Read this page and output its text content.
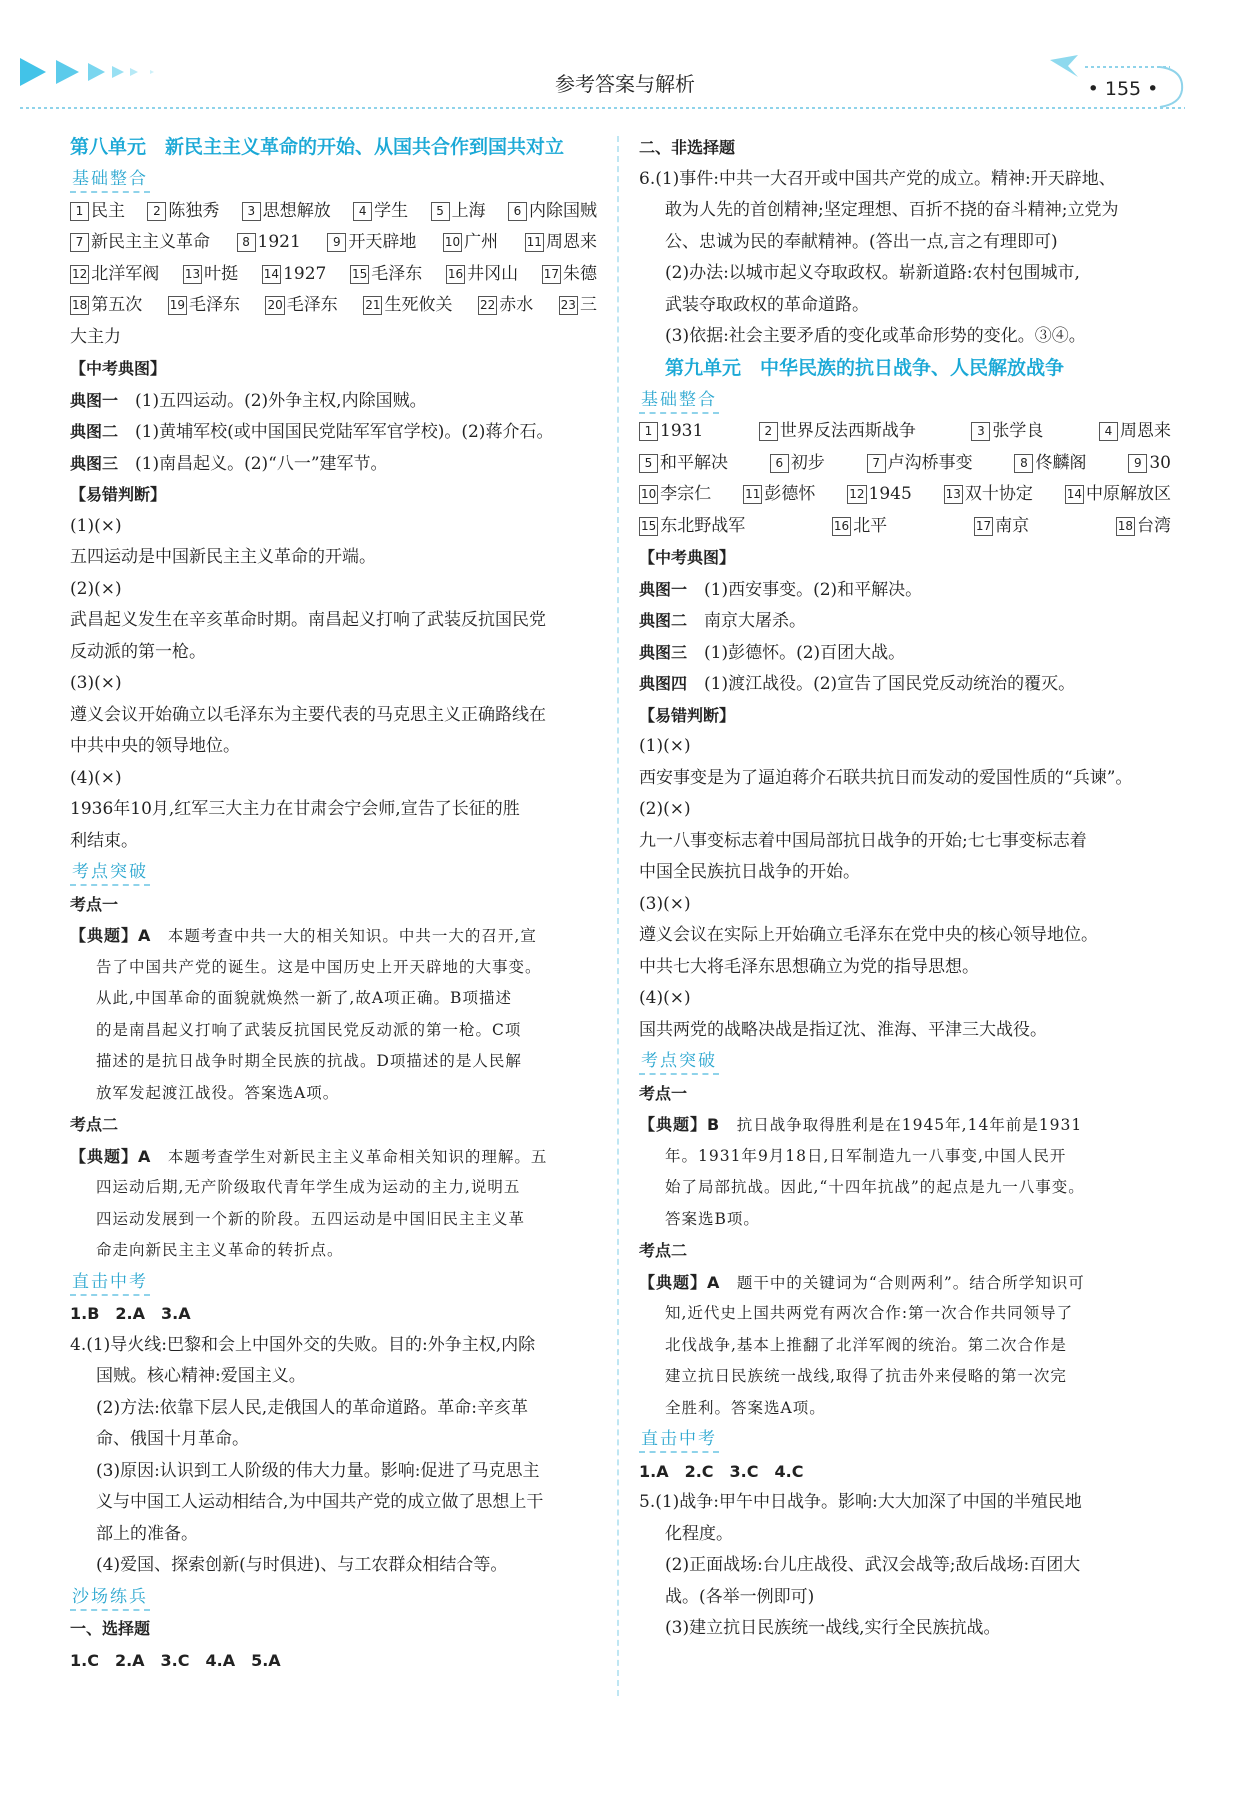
参考答案与解析	• 155 •
第八单元　新民主主义革命的开始、从国共合作到国共对立
基础整合
1 民主	2 陈独秀	3 思想解放	4 学生	5 上海	6 内除国贼
7 新民主主义革命	8 1921	9 开天辟地 10 广州 11 周恩来
12 北洋军阀 13 叶挺 14 1927 15 毛泽东 16 井冈山 17 朱德
18 第五次 19 毛泽东 20 毛泽东 21 生死攸关 22 赤水 23 三
大主力
【中考典图】
典图一　 (1)五四运动。(2)外争主权,内除国贼。
典图二　 (1)黄埔军校(或中国国民党陆军军官学校)。(2)蒋介石。
典图三　 (1)南昌起义。(2)“八一”建军节。
【易错判断】
(1)(×)
五四运动是中国新民主主义革命的开端。
(2)(×)
武昌起义发生在辛亥革命时期。南昌起义打响了武装反抗国民党
反动派的第一枪。
(3)(×)
遵义会议开始确立以毛泽东为主要代表的马克思主义正确路线在
中共中央的领导地位。
(4)(×)
1936年10月,红军三大主力在甘肃会宁会师,宣告了长征的胜
利结束。
考点突破
考点一
【典题】A　 本题考查中共一大的相关知识。中共一大的召开,宣
告了中国共产党的诞生。这是中国历史上开天辟地的大事变。
从此,中国革命的面貌就焕然一新了,故A项正确。B项描述
的是南昌起义打响了武装反抗国民党反动派的第一枪。C项
描述的是抗日战争时期全民族的抗战。D项描述的是人民解
放军发起渡江战役。答案选A项。
考点二
【典题】A　 本题考查学生对新民主主义革命相关知识的理解。五
四运动后期,无产阶级取代青年学生成为运动的主力,说明五
四运动发展到一个新的阶段。五四运动是中国旧民主主义革
命走向新民主主义革命的转折点。
直击中考
1.B　2.A　3.A
4.(1)导火线:巴黎和会上中国外交的失败。目的:外争主权,内除
国贼。核心精神:爱国主义。
(2)方法:依靠下层人民,走俄国人的革命道路。革命:辛亥革
命、俄国十月革命。
(3)原因:认识到工人阶级的伟大力量。影响:促进了马克思主
义与中国工人运动相结合,为中国共产党的成立做了思想上干
部上的准备。
(4)爱国、探索创新(与时俱进)、与工农群众相结合等。
沙场练兵
一、选择题
1.C　2.A　3.C　4.A　5.A
二、非选择题
6.(1)事件:中共一大召开或中国共产党的成立。精神:开天辟地、
敢为人先的首创精神;坚定理想、百折不挠的奋斗精神;立党为
公、忠诚为民的奉献精神。(答出一点,言之有理即可)
(2)办法:以城市起义夺取政权。崭新道路:农村包围城市,
武装夺取政权的革命道路。
(3)依据:社会主要矛盾的变化或革命形势的变化。③④。
第九单元　中华民族的抗日战争、人民解放战争
基础整合
1 1931	2 世界反法西斯战争	3 张学良	4 周恩来
5 和平解决	6 初步	7 卢沟桥事变	8 佟麟阁	9 30
10 李宗仁	11 彭德怀	12 1945	13 双十协定	14 中原解放区
15 东北野战军	16 北平	17 南京	18 台湾
【中考典图】
典图一　 (1)西安事变。(2)和平解决。
典图二　 南京大屠杀。
典图三　 (1)彭德怀。(2)百团大战。
典图四　 (1)渡江战役。(2)宣告了国民党反动统治的覆灭。
【易错判断】
(1)(×)
西安事变是为了逼迫蒋介石联共抗日而发动的爱国性质的“兵谏”。
(2)(×)
九一八事变标志着中国局部抗日战争的开始;七七事变标志着
中国全民族抗日战争的开始。
(3)(×)
遵义会议在实际上开始确立毛泽东在党中央的核心领导地位。
中共七大将毛泽东思想确立为党的指导思想。
(4)(×)
国共两党的战略决战是指辽沈、淮海、平津三大战役。
考点突破
考点一
【典题】B　 抗日战争取得胜利是在1945年,14年前是1931
年。1931年9月18日,日军制造九一八事变,中国人民开
始了局部抗战。因此,“十四年抗战”的起点是九一八事变。
答案选B项。
考点二
【典题】A　 题干中的关键词为“合则两利”。结合所学知识可
知,近代史上国共两党有两次合作:第一次合作共同领导了
北伐战争,基本上推翻了北洋军阀的统治。第二次合作是
建立抗日民族统一战线,取得了抗击外来侵略的第一次完
全胜利。答案选A项。
直击中考
1.A　2.C　3.C　4.C
5.(1)战争:甲午中日战争。影响:大大加深了中国的半殖民地
化程度。
(2)正面战场:台儿庄战役、武汉会战等;敌后战场:百团大
战。(各举一例即可)
(3)建立抗日民族统一战线,实行全民族抗战。
